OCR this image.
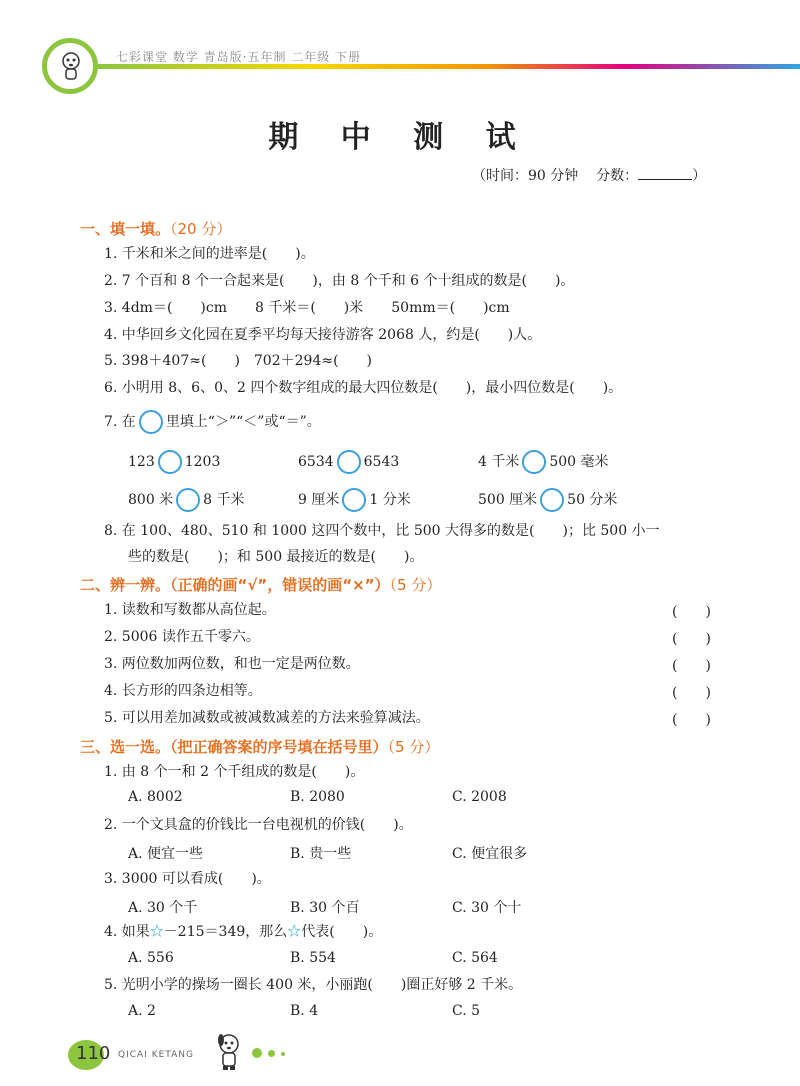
七彩课堂 数学 青岛版·五年制 二年级 下册
期 中 测 试
（时间：90 分钟 分数：	）
一、填一填。（20 分）
1. 千米和米之间的进率是(　　)。
2. 7 个百和 8 个一合起来是(　　)，由 8 个千和 6 个十组成的数是(　　)。
3. 4dm＝(　　)cm　　8 千米＝(　　)米　　50mm＝(　　)cm
4. 中华回乡文化园在夏季平均每天接待游客 2068 人，约是(　　)人。
5. 398＋407≈(　　)　702＋294≈(　　)
6. 小明用 8、6、0、2 四个数字组成的最大四位数是(　　)，最小四位数是(　　)。
7. 在 里填上“＞”“＜”或“＝”。
123 1203	6534 6543	4 千米 500 毫米
800 米 8 千米	9 厘米 1 分米	500 厘米 50 分米
8. 在 100、480、510 和 1000 这四个数中，比 500 大得多的数是(　　)；比 500 小一
些的数是(　　)；和 500 最接近的数是(　　)。
二、辨一辨。（正确的画“√”，错误的画“×”）（5 分）
1. 读数和写数都从高位起。	(　　)
2. 5006 读作五千零六。	(　　)
3. 两位数加两位数，和也一定是两位数。	(　　)
4. 长方形的四条边相等。	(　　)
5. 可以用差加减数或被减数减差的方法来验算减法。	(　　)
三、选一选。（把正确答案的序号填在括号里）（5 分）
1. 由 8 个一和 2 个千组成的数是(　　)。
A. 8002	B. 2080	C. 2008
2. 一个文具盒的价钱比一台电视机的价钱(　　)。
A. 便宜一些	B. 贵一些	C. 便宜很多
3. 3000 可以看成(　　)。
A. 30 个千	B. 30 个百	C. 30 个十
4. 如果☆－215＝349，那么☆代表(　　)。
A. 556	B. 554	C. 564
5. 光明小学的操场一圈长 400 米，小丽跑(　　)圈正好够 2 千米。
A. 2	B. 4	C. 5
110 QICAI KETANG
